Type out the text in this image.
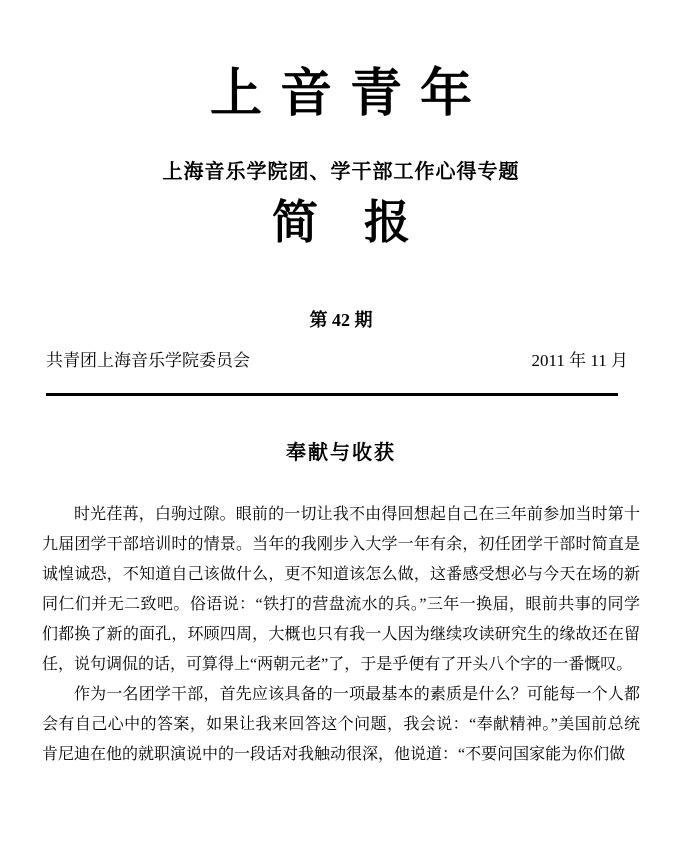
上音青年
上海音乐学院团、学干部工作心得专题
简　报
第 42 期
共青团上海音乐学院委员会	2011 年 11 月
奉献与收获

时光荏苒，白驹过隙。眼前的一切让我不由得回想起自己在三年前参加当时第十九届团学干部培训时的情景。当年的我刚步入大学一年有余，初任团学干部时简直是诚惶诚恐，不知道自己该做什么，更不知道该怎么做，这番感受想必与今天在场的新同仁们并无二致吧。俗语说：“铁打的营盘流水的兵。”三年一换届，眼前共事的同学们都换了新的面孔，环顾四周，大概也只有我一人因为继续攻读研究生的缘故还在留任，说句调侃的话，可算得上“两朝元老”了，于是乎便有了开头八个字的一番慨叹。

作为一名团学干部，首先应该具备的一项最基本的素质是什么？可能每一个人都会有自己心中的答案，如果让我来回答这个问题，我会说：“奉献精神。”美国前总统肯尼迪在他的就职演说中的一段话对我触动很深，他说道：“不要问国家能为你们做
